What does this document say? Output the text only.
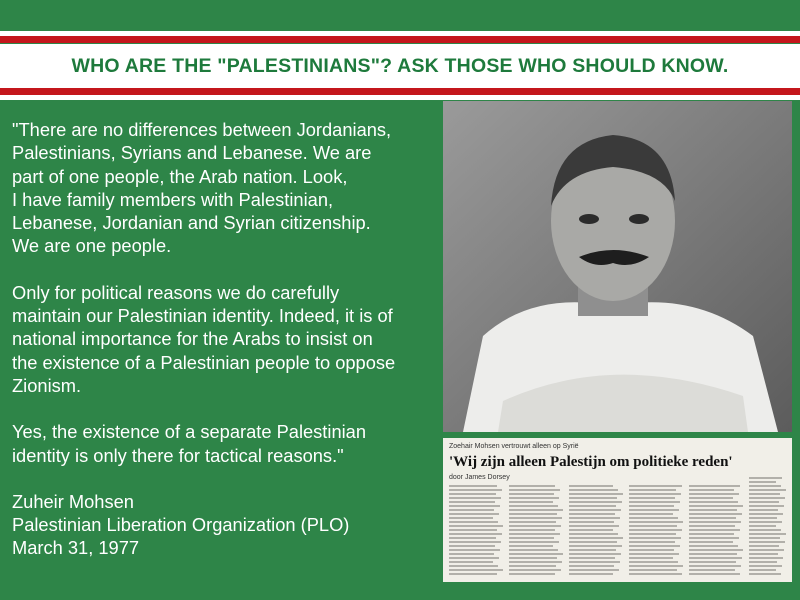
WHO ARE THE "PALESTINIANS"? ASK THOSE WHO SHOULD KNOW.

"There are no differences between Jordanians,
Palestinians, Syrians and Lebanese. We are
part of one people, the Arab nation. Look,
I have family members with Palestinian,
Lebanese, Jordanian and Syrian citizenship.
We are one people.

Only for political reasons we do carefully
maintain our Palestinian identity. Indeed, it is of
national importance for the Arabs to insist on
the existence of a Palestinian people to oppose
Zionism.

Yes, the existence of a separate Palestinian
identity is only there for tactical reasons."

Zuheir Mohsen
Palestinian Liberation Organization (PLO)
March 31, 1977
Zoehair Mohsen vertrouwt alleen op Syrië
'Wij zijn alleen Palestijn om politieke reden'
door James Dorsey
